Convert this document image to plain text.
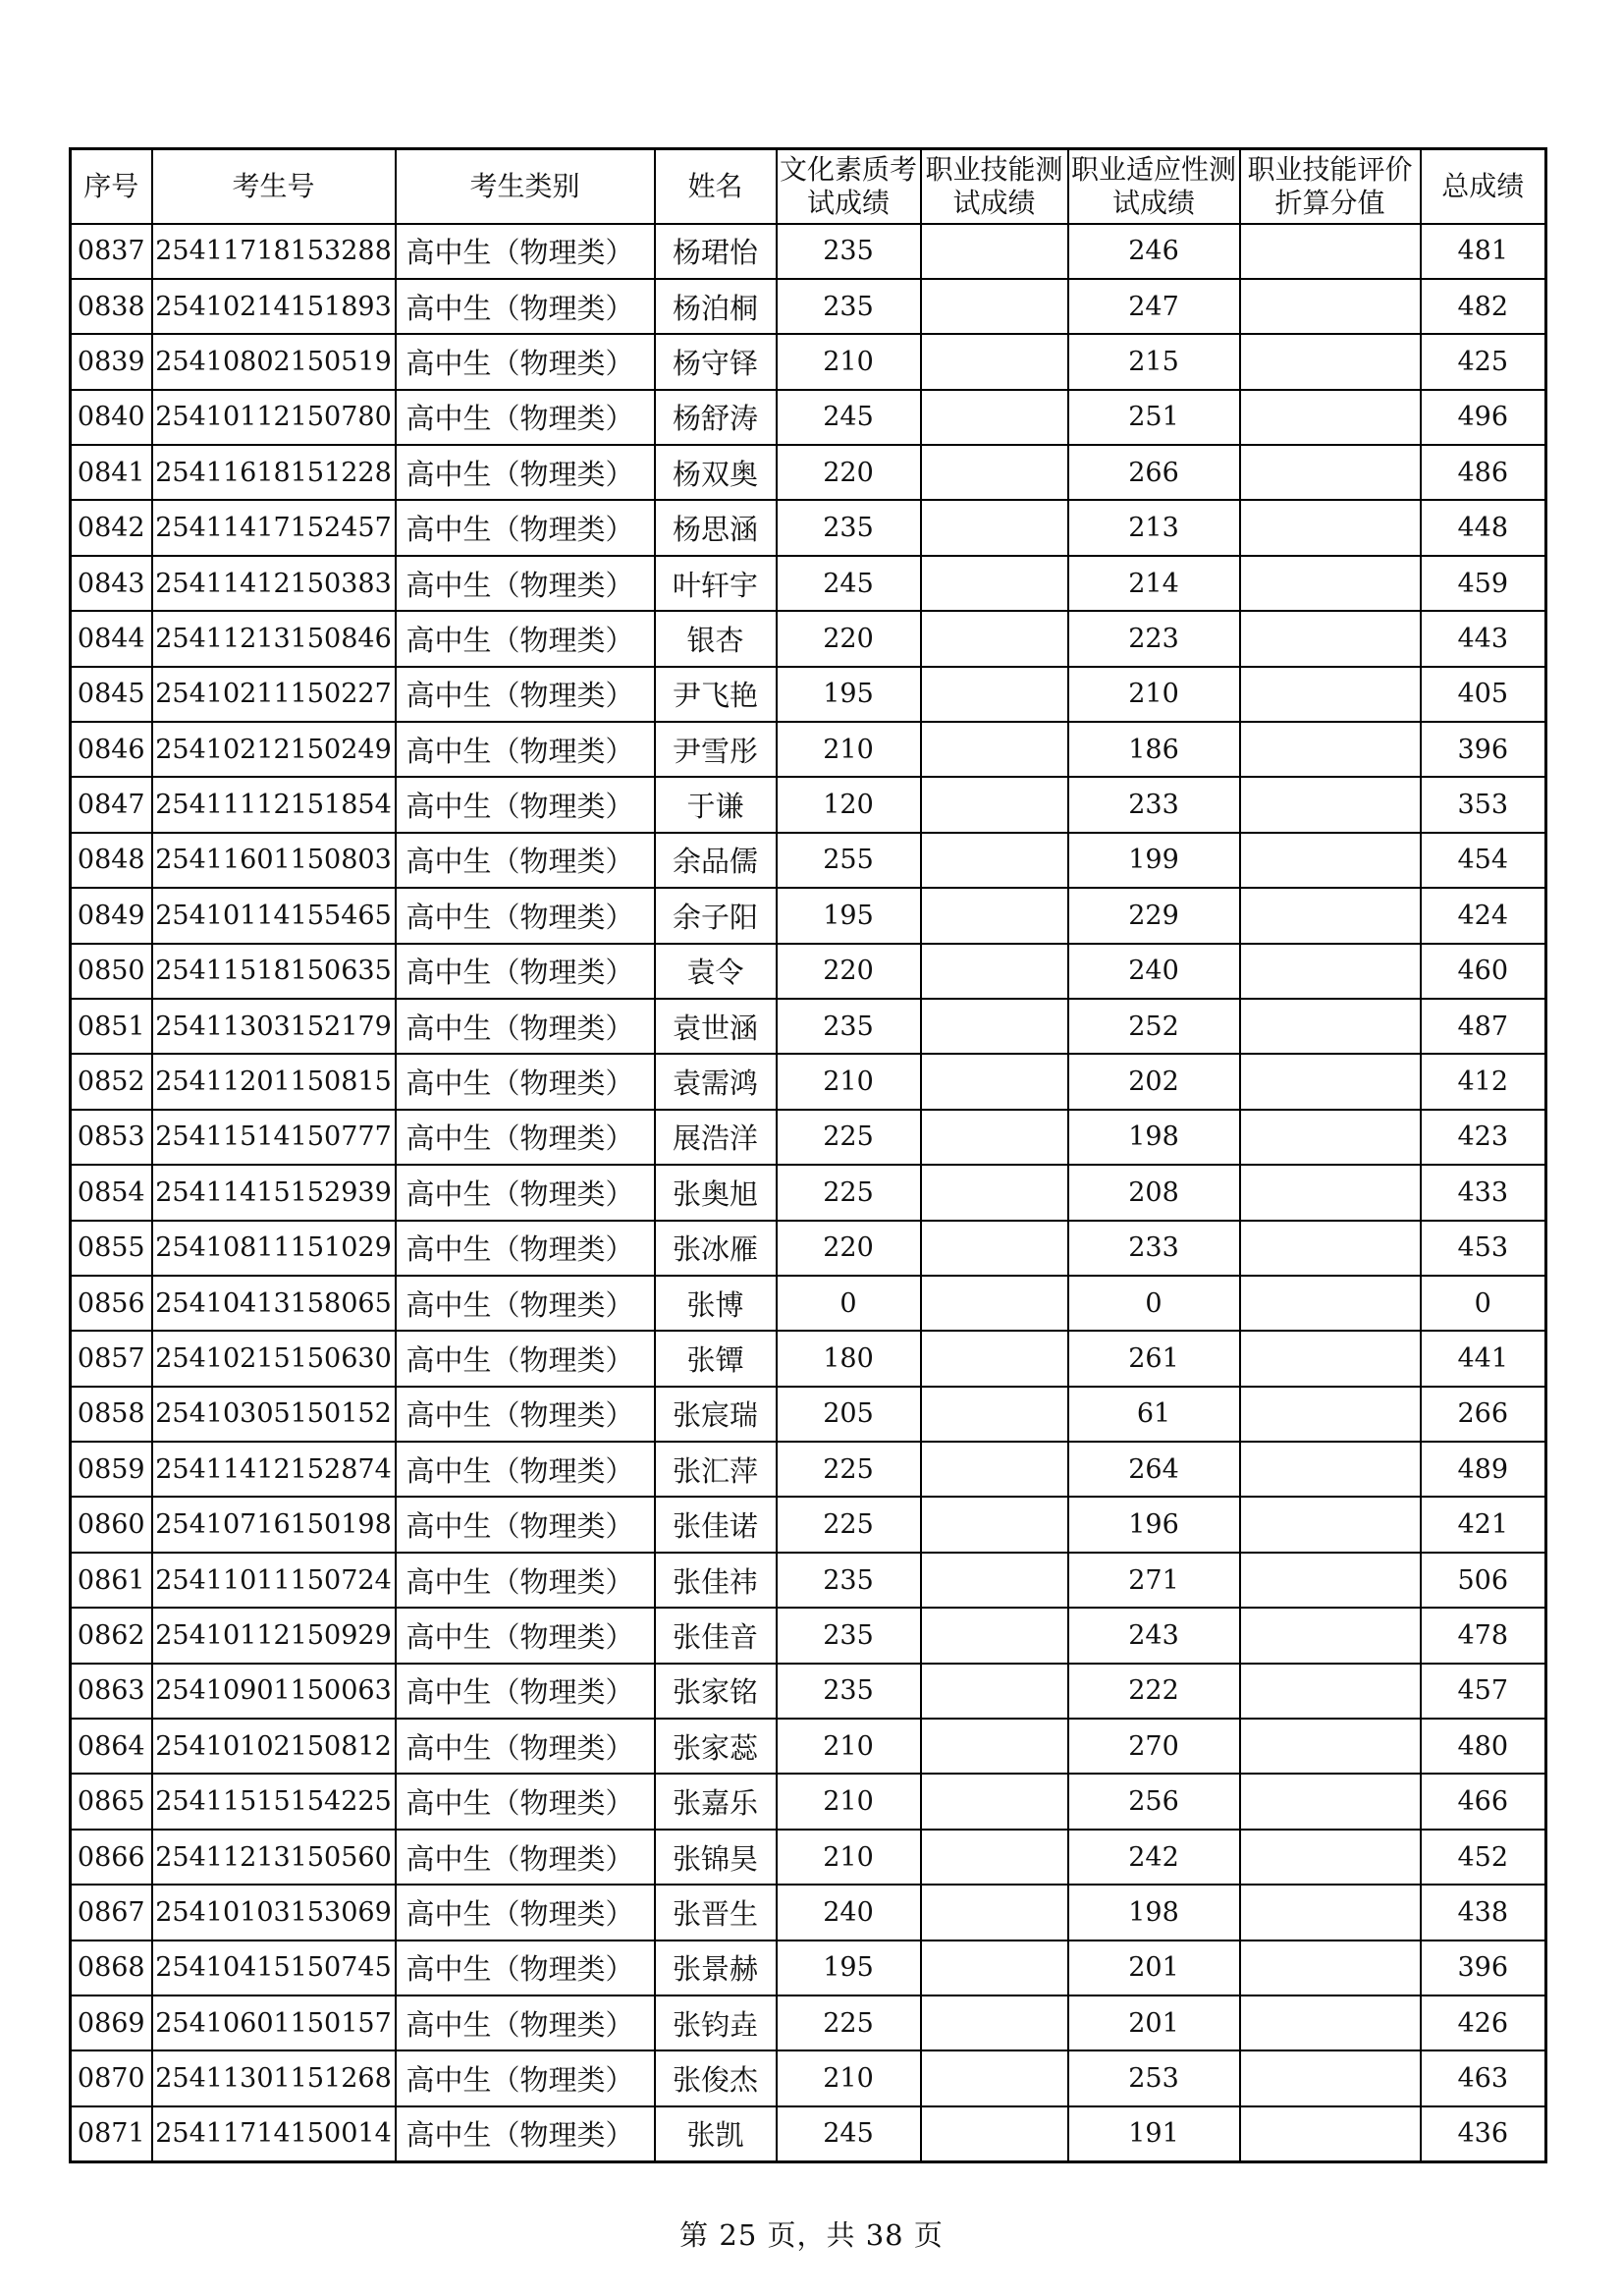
序号	考生号	考生类别	姓名	文化素质考试成绩	职业技能测试成绩	职业适应性测试成绩	职业技能评价折算分值	总成绩
0837	25411718153288	高中生（物理类）	杨珺怡	235		246		481
0838	25410214151893	高中生（物理类）	杨泊桐	235		247		482
0839	25410802150519	高中生（物理类）	杨守铎	210		215		425
0840	25410112150780	高中生（物理类）	杨舒涛	245		251		496
0841	25411618151228	高中生（物理类）	杨双奥	220		266		486
0842	25411417152457	高中生（物理类）	杨思涵	235		213		448
0843	25411412150383	高中生（物理类）	叶轩宇	245		214		459
0844	25411213150846	高中生（物理类）	银杏	220		223		443
0845	25410211150227	高中生（物理类）	尹飞艳	195		210		405
0846	25410212150249	高中生（物理类）	尹雪彤	210		186		396
0847	25411112151854	高中生（物理类）	于谦	120		233		353
0848	25411601150803	高中生（物理类）	余品儒	255		199		454
0849	25410114155465	高中生（物理类）	余子阳	195		229		424
0850	25411518150635	高中生（物理类）	袁令	220		240		460
0851	25411303152179	高中生（物理类）	袁世涵	235		252		487
0852	25411201150815	高中生（物理类）	袁需鸿	210		202		412
0853	25411514150777	高中生（物理类）	展浩洋	225		198		423
0854	25411415152939	高中生（物理类）	张奥旭	225		208		433
0855	25410811151029	高中生（物理类）	张冰雁	220		233		453
0856	25410413158065	高中生（物理类）	张博	0		0		0
0857	25410215150630	高中生（物理类）	张镡	180		261		441
0858	25410305150152	高中生（物理类）	张宸瑞	205		61		266
0859	25411412152874	高中生（物理类）	张汇萍	225		264		489
0860	25410716150198	高中生（物理类）	张佳诺	225		196		421
0861	25411011150724	高中生（物理类）	张佳祎	235		271		506
0862	25410112150929	高中生（物理类）	张佳音	235		243		478
0863	25410901150063	高中生（物理类）	张家铭	235		222		457
0864	25410102150812	高中生（物理类）	张家蕊	210		270		480
0865	25411515154225	高中生（物理类）	张嘉乐	210		256		466
0866	25411213150560	高中生（物理类）	张锦昊	210		242		452
0867	25410103153069	高中生（物理类）	张晋生	240		198		438
0868	25410415150745	高中生（物理类）	张景赫	195		201		396
0869	25410601150157	高中生（物理类）	张钧垚	225		201		426
0870	25411301151268	高中生（物理类）	张俊杰	210		253		463
0871	25411714150014	高中生（物理类）	张凯	245		191		436
第 25 页，共 38 页
